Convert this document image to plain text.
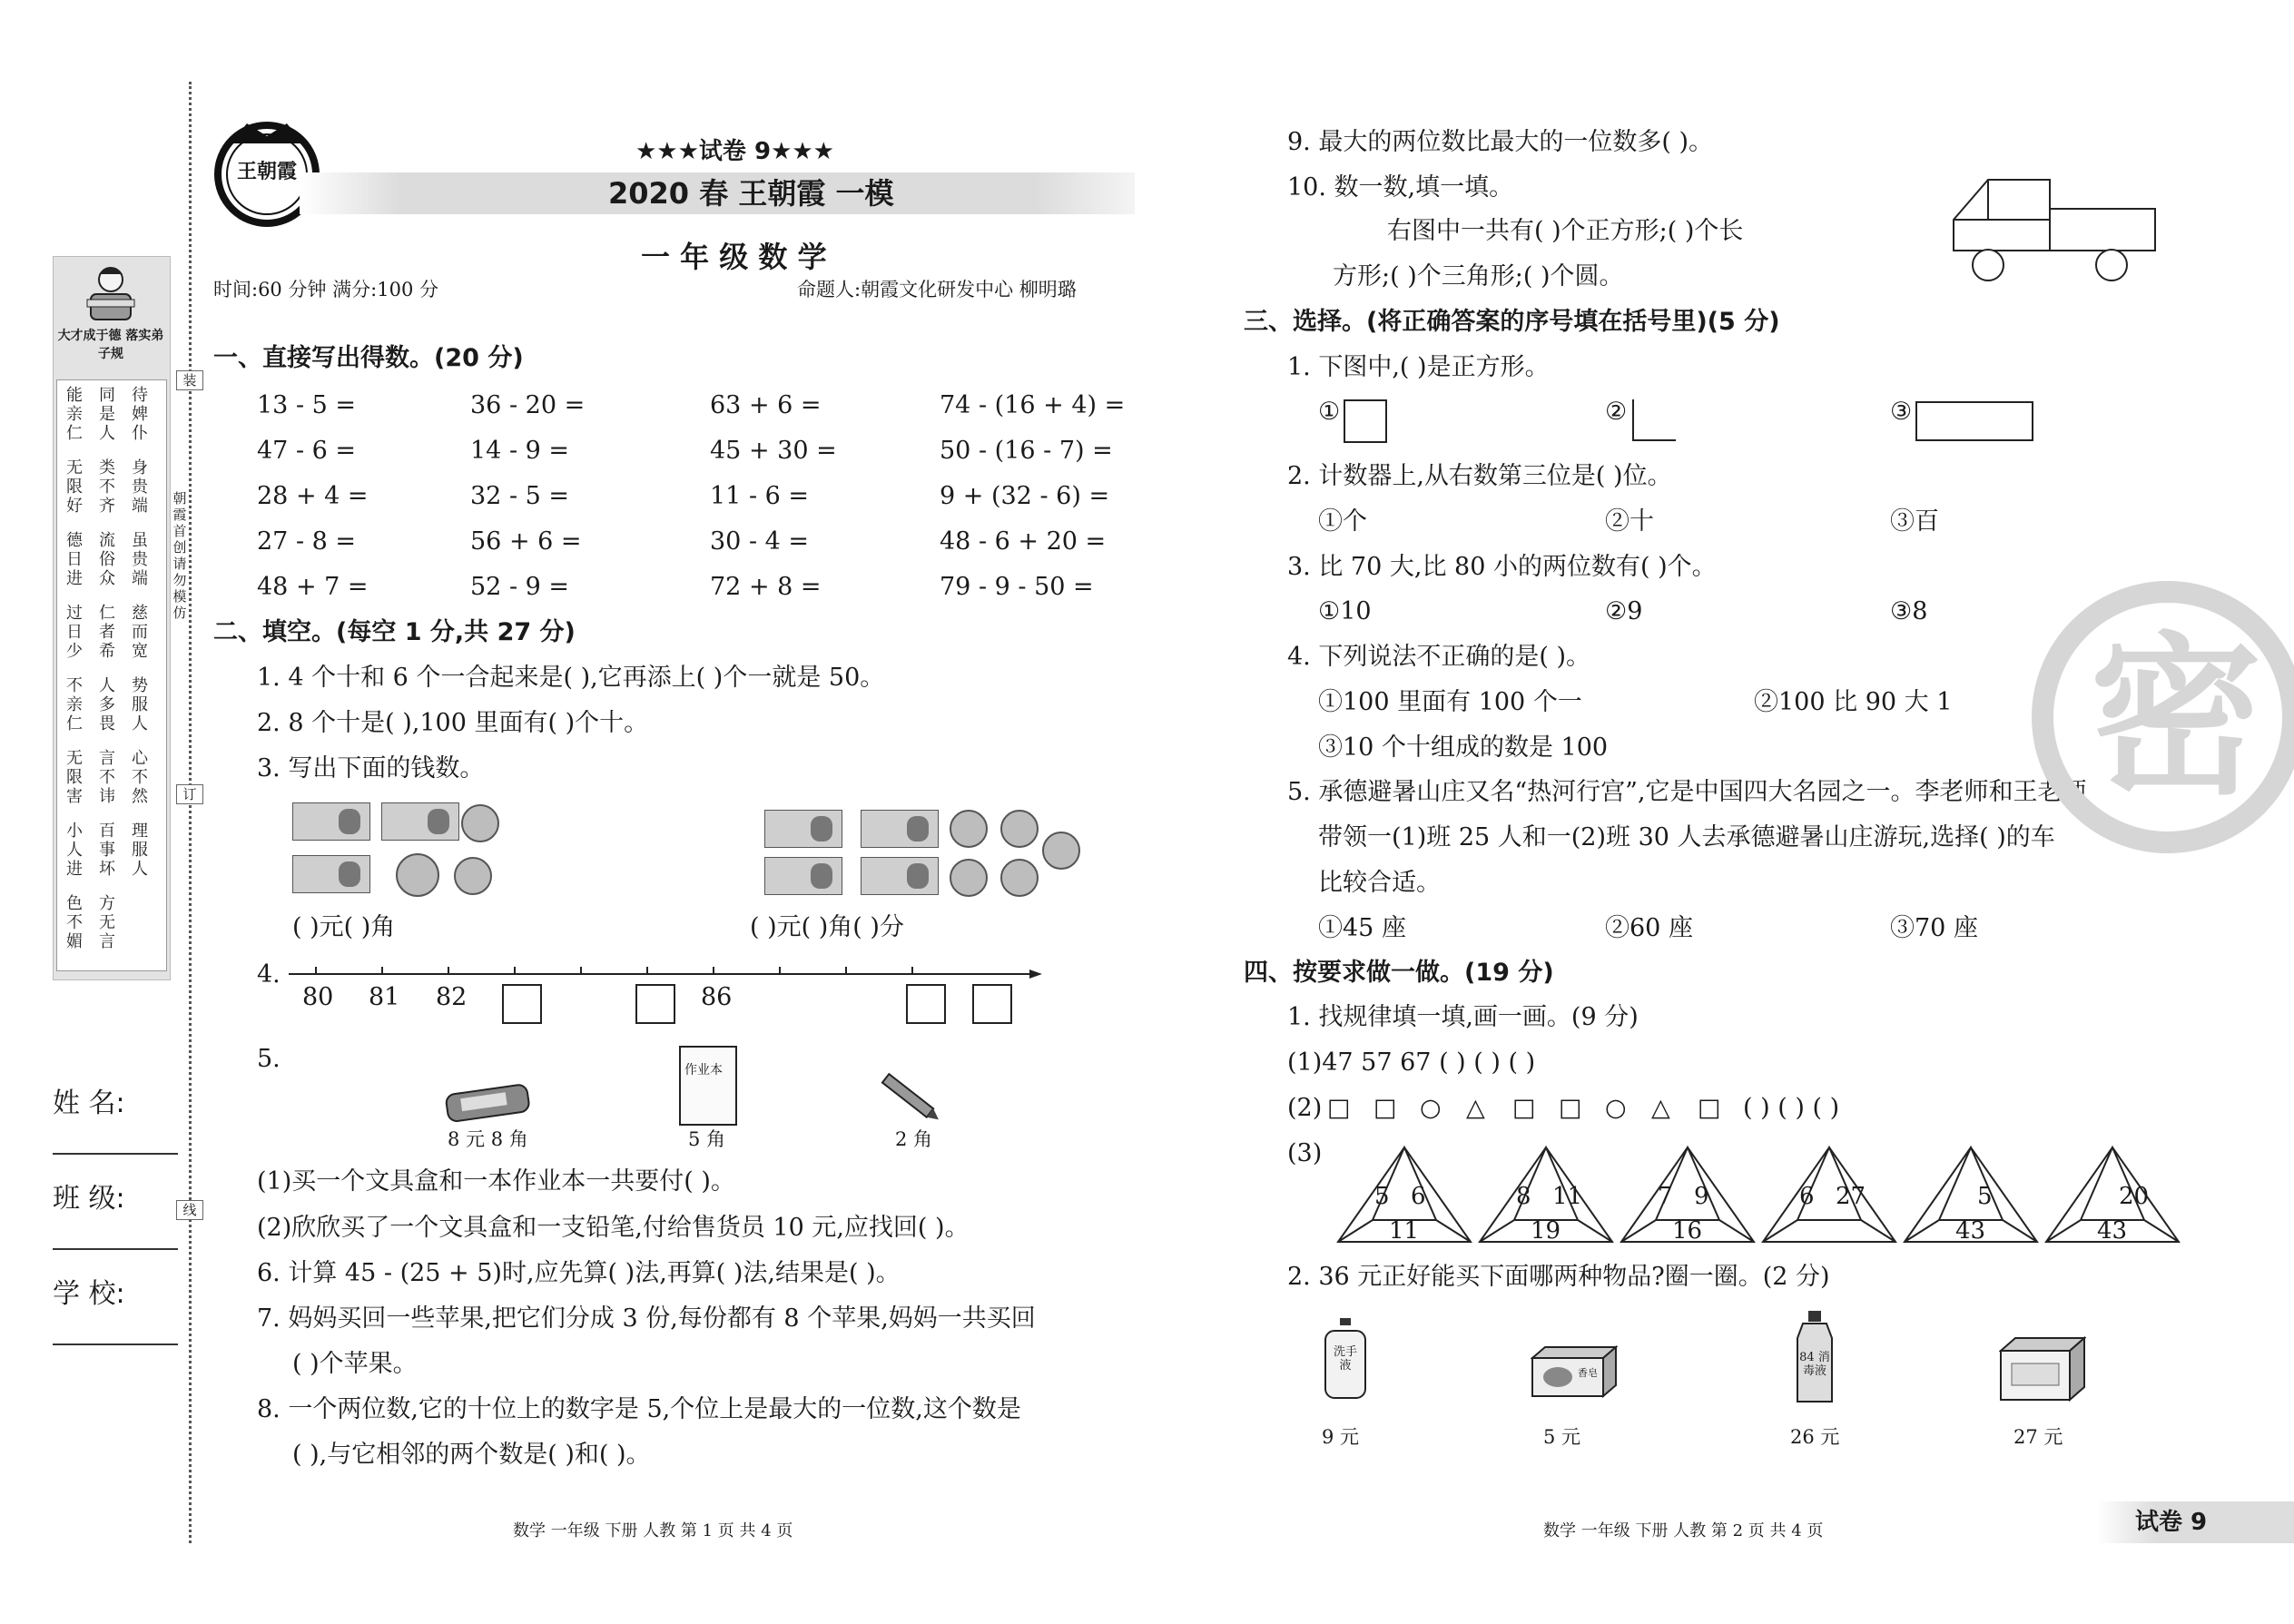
大才成于德 落实弟子规
能亲仁
同是人
待婢仆
无限好
类不齐
身贵端
德日进
流俗众
虽贵端
过日少
仁者希
慈而宽
不亲仁
人多畏
势服人
无限害
言不讳
心不然
小人进
百事坏
理服人
色不媚
方无言
装
订
线
朝霞首创 请勿模仿
姓 名:
班 级:
学 校:
王朝霞
★★★试卷 9★★★
2020 春 王朝霞 一模
一 年 级 数 学
时间:60 分钟 满分:100 分	命题人:朝霞文化研发中心 柳明璐
一、直接写出得数。(20 分)
13 - 5 =	36 - 20 =	63 + 6 =	74 - (16 + 4) =
47 - 6 =	14 - 9 =	45 + 30 =	50 - (16 - 7) =
28 + 4 =	32 - 5 =	11 - 6 =	9 + (32 - 6) =
27 - 8 =	56 + 6 =	30 - 4 =	48 - 6 + 20 =
48 + 7 =	52 - 9 =	72 + 8 =	79 - 9 - 50 =
二、填空。(每空 1 分,共 27 分)
1. 4 个十和 6 个一合起来是( ),它再添上( )个一就是 50。
2. 8 个十是( ),100 里面有( )个十。
3. 写出下面的钱数。
( )元( )角	( )元( )角( )分
4.
80 81 82	86
5.	作业本
8 元 8 角	5 角	2 角
(1)买一个文具盒和一本作业本一共要付( )。
(2)欣欣买了一个文具盒和一支铅笔,付给售货员 10 元,应找回( )。
6. 计算 45 - (25 + 5)时,应先算( )法,再算( )法,结果是( )。
7. 妈妈买回一些苹果,把它们分成 3 份,每份都有 8 个苹果,妈妈一共买回
( )个苹果。
8. 一个两位数,它的十位上的数字是 5,个位上是最大的一位数,这个数是
( ),与它相邻的两个数是( )和( )。
数学 一年级 下册 人教 第 1 页 共 4 页
9. 最大的两位数比最大的一位数多( )。
10. 数一数,填一填。
右图中一共有( )个正方形;( )个长
方形;( )个三角形;( )个圆。
三、选择。(将正确答案的序号填在括号里)(5 分)
1. 下图中,( )是正方形。
①	②	③
2. 计数器上,从右数第三位是( )位。
①个	②十	③百
3. 比 70 大,比 80 小的两位数有( )个。
①10	②9	③8
4. 下列说法不正确的是( )。
①100 里面有 100 个一	②100 比 90 大 1
③10 个十组成的数是 100
5. 承德避暑山庄又名“热河行宫”,它是中国四大名园之一。李老师和王老师
带领一(1)班 25 人和一(2)班 30 人去承德避暑山庄游玩,选择( )的车
比较合适。
①45 座	②60 座	③70 座
密
四、按要求做一做。(19 分)
1. 找规律填一填,画一画。(9 分)
(1)47 57 67 ( ) ( ) ( )
(2) □ □ ○ △ □ □ ○ △ □ ( ) ( ) ( )
(3)
5 6
11
8 11
19
7 9
16
6 27	5
43
20
43
2. 36 元正好能买下面哪两种物品?圈一圈。(2 分)
洗手液
香皂
84 消毒液
9 元	5 元	26 元	27 元
数学 一年级 下册 人教 第 2 页 共 4 页	试卷 9
